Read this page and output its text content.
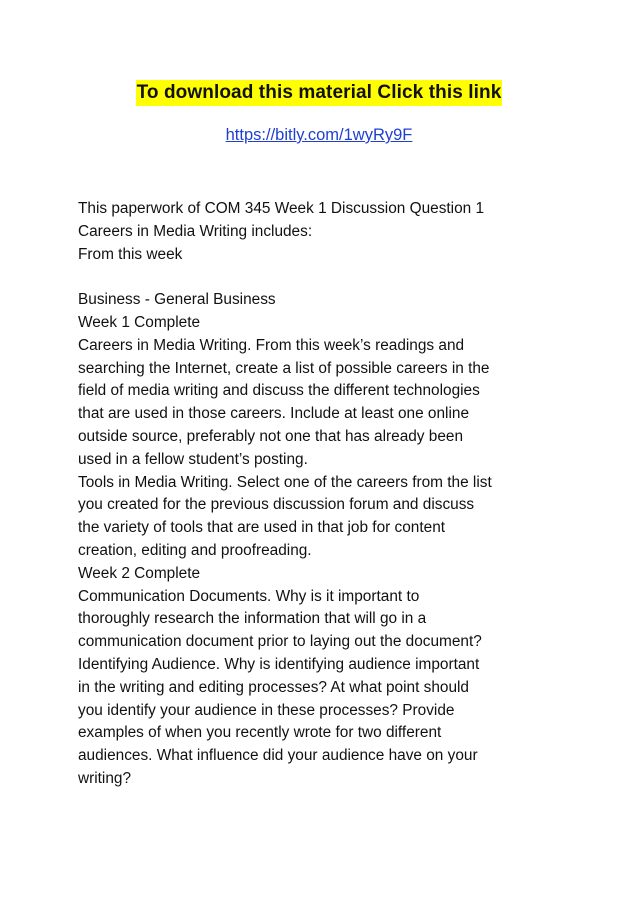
To download this material Click this link
https://bitly.com/1wyRy9F

This paperwork of COM 345 Week 1 Discussion Question 1

Careers in Media Writing includes:

From this week

Business - General Business

Week 1 Complete

Careers in Media Writing. From this week’s readings and

searching the Internet, create a list of possible careers in the

field of media writing and discuss the different technologies

that are used in those careers. Include at least one online

outside source, preferably not one that has already been

used in a fellow student’s posting.

Tools in Media Writing. Select one of the careers from the list

you created for the previous discussion forum and discuss

the variety of tools that are used in that job for content

creation, editing and proofreading.

Week 2 Complete

Communication Documents. Why is it important to

thoroughly research the information that will go in a

communication document prior to laying out the document?

Identifying Audience. Why is identifying audience important

in the writing and editing processes? At what point should

you identify your audience in these processes? Provide

examples of when you recently wrote for two different

audiences. What influence did your audience have on your

writing?
